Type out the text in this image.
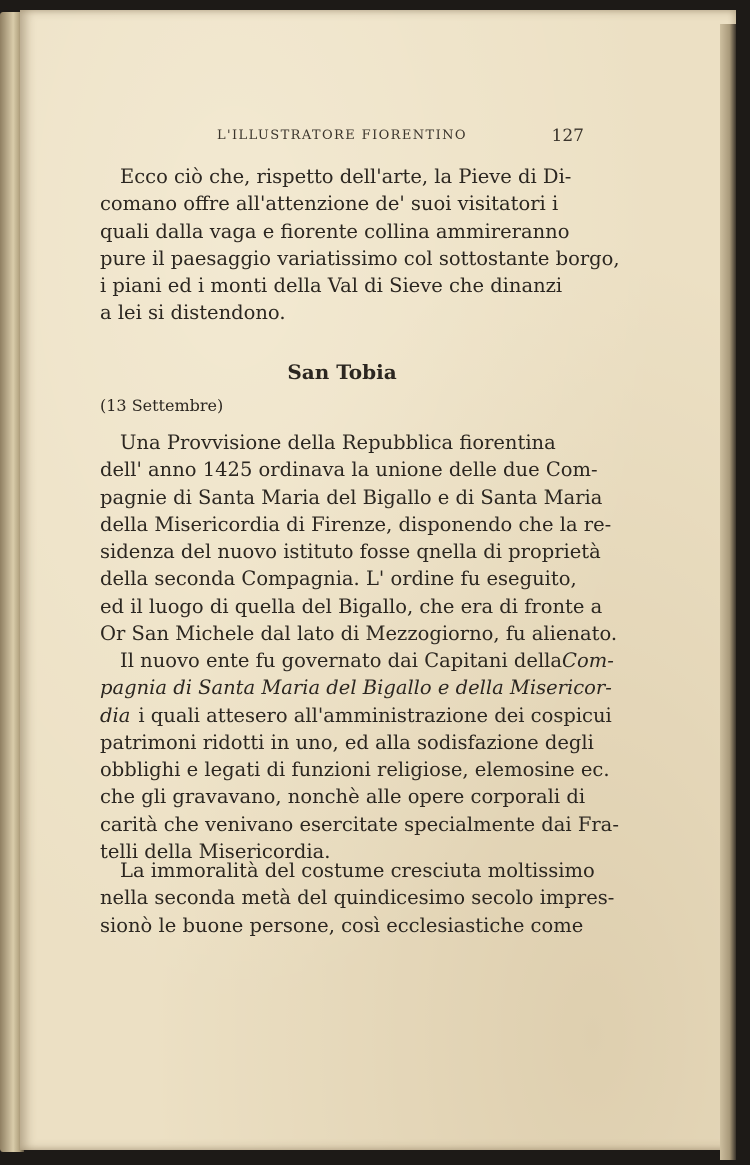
L'ILLUSTRATORE FIORENTINO	127
Ecco ciò che, rispetto dell'arte, la Pieve di Di-
comano offre all'attenzione de' suoi visitatori i
quali dalla vaga e fiorente collina ammireranno
pure il paesaggio variatissimo col sottostante borgo,
i piani ed i monti della Val di Sieve che dinanzi
a lei si distendono.
San Tobia
(13 Settembre)
Una Provvisione della Repubblica fiorentina
dell' anno 1425 ordinava la unione delle due Com-
pagnie di Santa Maria del Bigallo e di Santa Maria
della Misericordia di Firenze, disponendo che la re-
sidenza del nuovo istituto fosse qnella di proprietà
della seconda Compagnia. L' ordine fu eseguito,
ed il luogo di quella del Bigallo, che era di fronte a
Or San Michele dal lato di Mezzogiorno, fu alienato.
Il nuovo ente fu governato dai Capitani della Com-
pagnia di Santa Maria del Bigallo e della Misericor-
dia i quali attesero all'amministrazione dei cospicui
patrimoni ridotti in uno, ed alla sodisfazione degli
obblighi e legati di funzioni religiose, elemosine ec.
che gli gravavano, nonchè alle opere corporali di
carità che venivano esercitate specialmente dai Fra-
telli della Misericordia.
La immoralità del costume cresciuta moltissimo
nella seconda metà del quindicesimo secolo impres-
sionò le buone persone, così ecclesiastiche come
